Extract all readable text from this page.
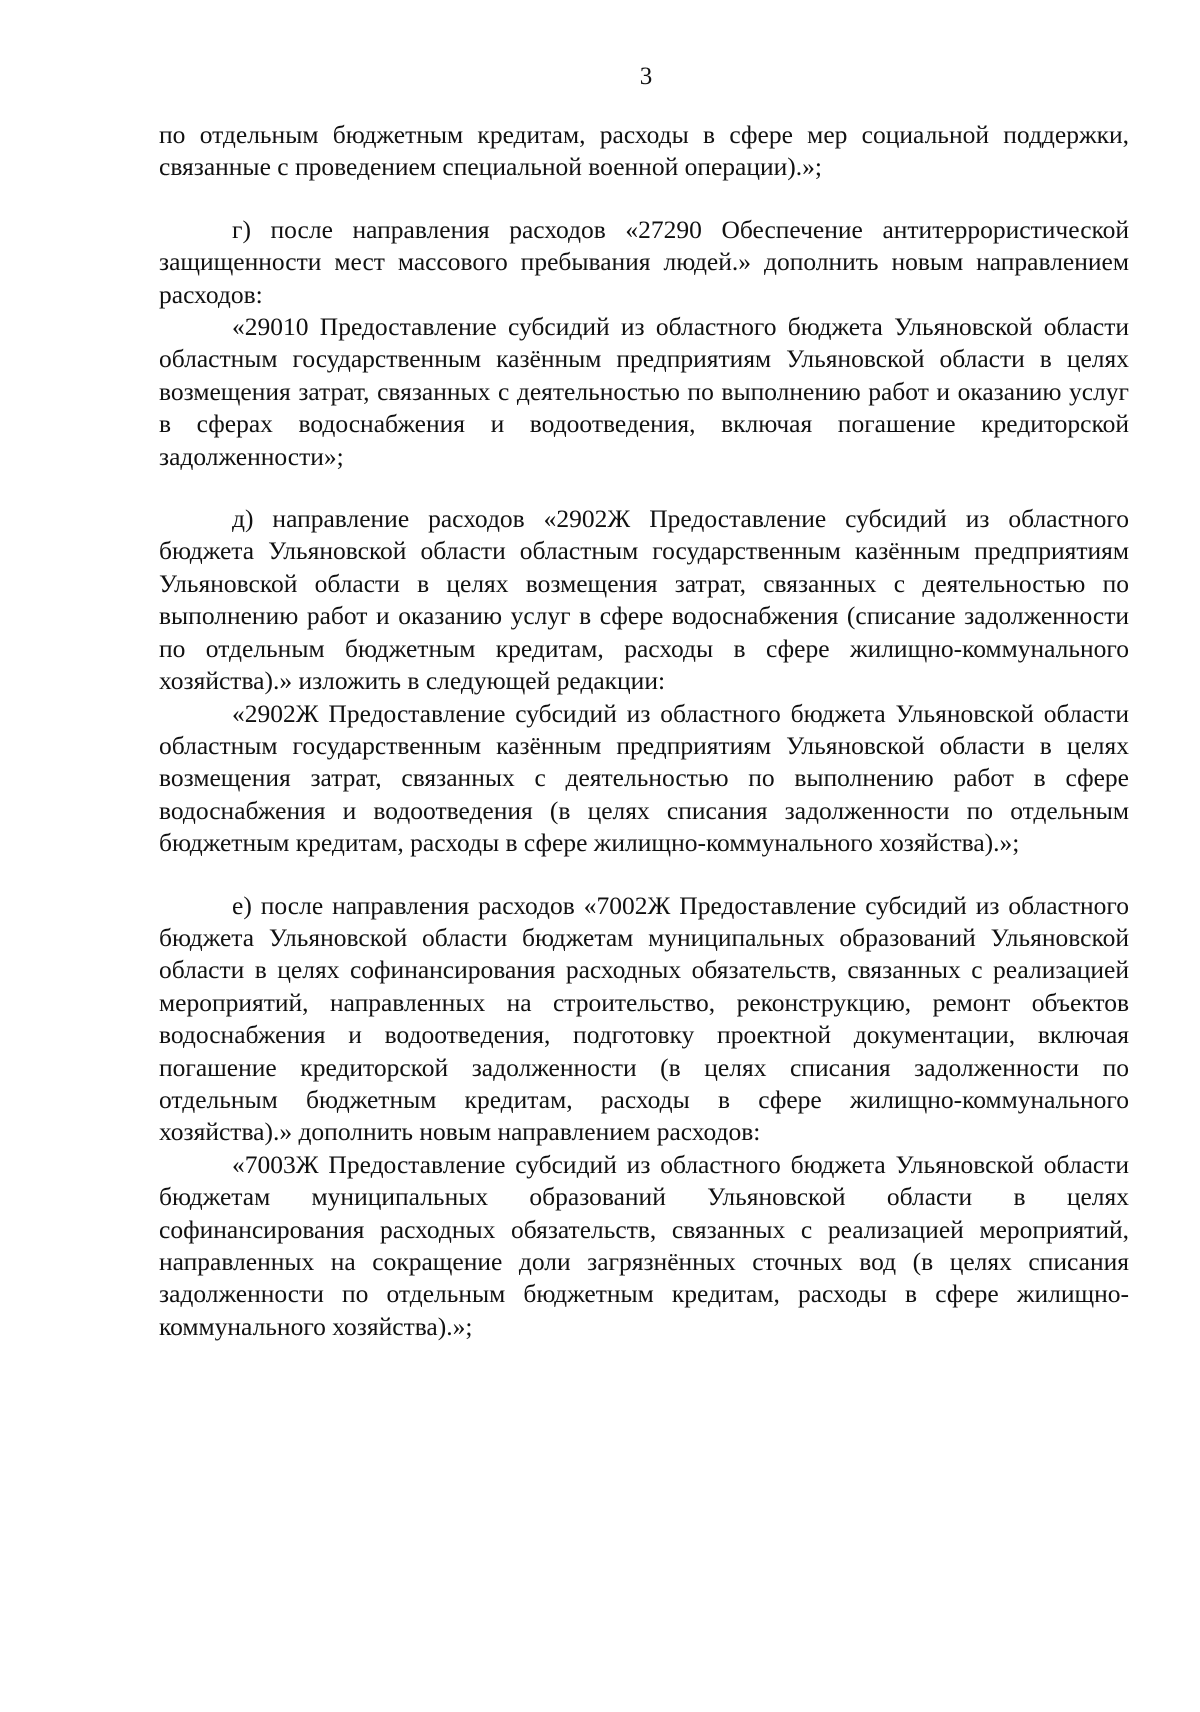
3

по отдельным бюджетным кредитам, расходы в сфере мер социальной поддержки, связанные с проведением специальной военной операции).»;

г) после направления расходов «27290 Обеспечение антитеррористической защищенности мест массового пребывания людей.» дополнить новым направлением расходов:

«29010 Предоставление субсидий из областного бюджета Ульяновской области областным государственным казённым предприятиям Ульяновской области в целях возмещения затрат, связанных с деятельностью по выполнению работ и оказанию услуг в сферах водоснабжения и водоотведения, включая погашение кредиторской задолженности»;

д) направление расходов «2902Ж Предоставление субсидий из областного бюджета Ульяновской области областным государственным казённым предприятиям Ульяновской области в целях возмещения затрат, связанных с деятельностью по выполнению работ и оказанию услуг в сфере водоснабжения (списание задолженности по отдельным бюджетным кредитам, расходы в сфере жилищно-коммунального хозяйства).» изложить в следующей редакции:

«2902Ж Предоставление субсидий из областного бюджета Ульяновской области областным государственным казённым предприятиям Ульяновской области в целях возмещения затрат, связанных с деятельностью по выполнению работ в сфере водоснабжения и водоотведения (в целях списания задолженности по отдельным бюджетным кредитам, расходы в сфере жилищно-коммунального хозяйства).»;

е) после направления расходов «7002Ж Предоставление субсидий из областного бюджета Ульяновской области бюджетам муниципальных образований Ульяновской области в целях софинансирования расходных обязательств, связанных с реализацией мероприятий, направленных на строительство, реконструкцию, ремонт объектов водоснабжения и водоотведения, подготовку проектной документации, включая погашение кредиторской задолженности (в целях списания задолженности по отдельным бюджетным кредитам, расходы в сфере жилищно-коммунального хозяйства).» дополнить новым направлением расходов:

«7003Ж Предоставление субсидий из областного бюджета Ульяновской области бюджетам муниципальных образований Ульяновской области в целях софинансирования расходных обязательств, связанных с реализацией мероприятий, направленных на сокращение доли загрязнённых сточных вод (в целях списания задолженности по отдельным бюджетным кредитам, расходы в сфере жилищно-коммунального хозяйства).»;
